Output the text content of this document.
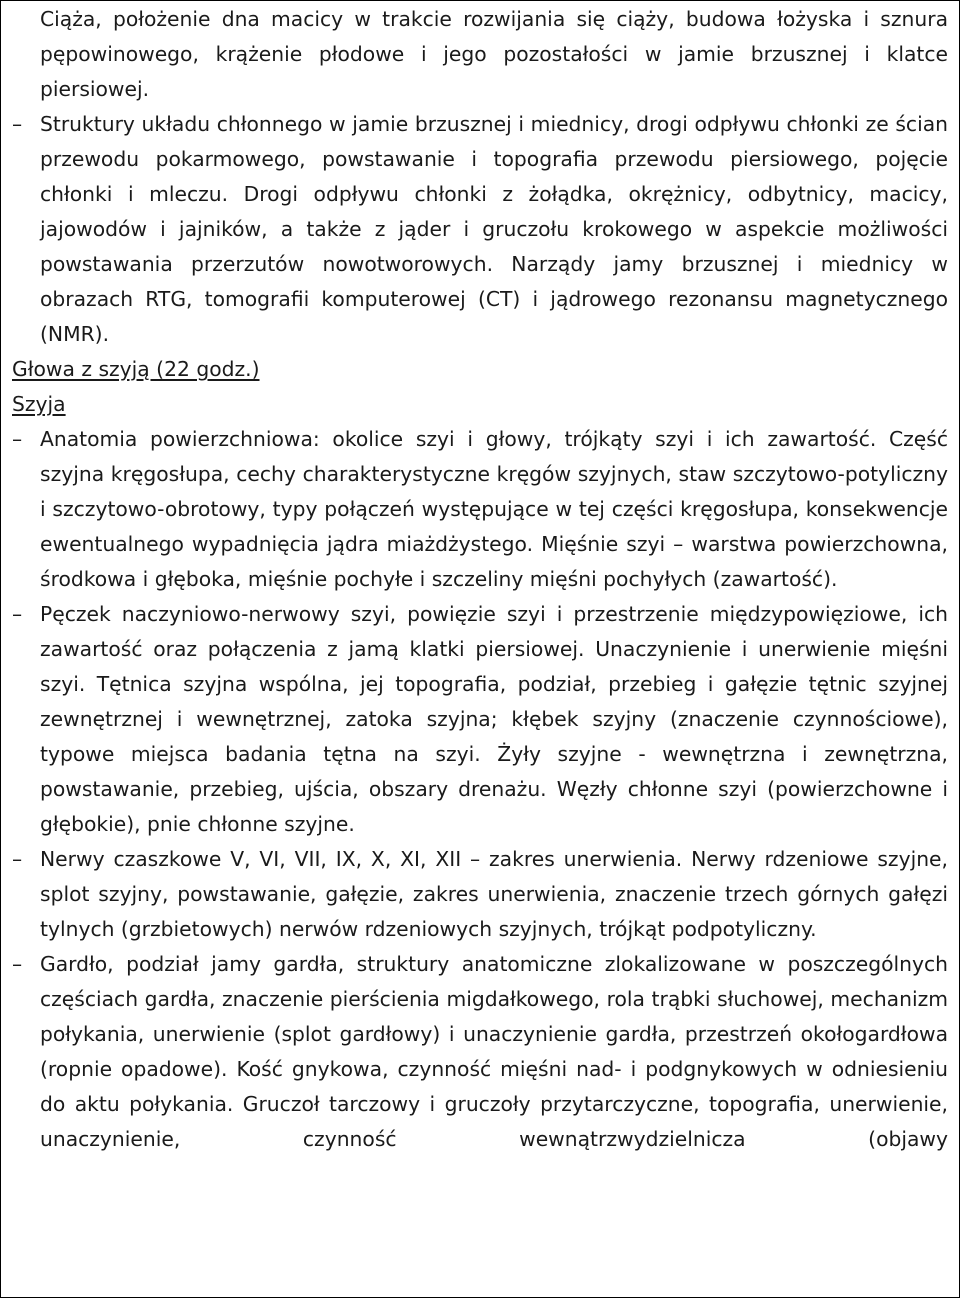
Ciąża, położenie dna macicy w trakcie rozwijania się ciąży, budowa łożyska i sznura pępowinowego, krążenie płodowe i jego pozostałości w jamie brzusznej i klatce piersiowej.

– Struktury układu chłonnego w jamie brzusznej i miednicy, drogi odpływu chłonki ze ścian przewodu pokarmowego, powstawanie i topografia przewodu piersiowego, pojęcie chłonki i mleczu. Drogi odpływu chłonki z żołądka, okrężnicy, odbytnicy, macicy, jajowodów i jajników, a także z jąder i gruczołu krokowego w aspekcie możliwości powstawania przerzutów nowotworowych. Narządy jamy brzusznej i miednicy w obrazach RTG, tomografii komputerowej (CT) i jądrowego rezonansu magnetycznego (NMR).

Głowa z szyją (22 godz.)

Szyja

– Anatomia powierzchniowa: okolice szyi i głowy, trójkąty szyi i ich zawartość. Część szyjna kręgosłupa, cechy charakterystyczne kręgów szyjnych, staw szczytowo-potyliczny i szczytowo-obrotowy, typy połączeń występujące w tej części kręgosłupa, konsekwencje ewentualnego wypadnięcia jądra miażdżystego. Mięśnie szyi – warstwa powierzchowna, środkowa i głęboka, mięśnie pochyłe i szczeliny mięśni pochyłych (zawartość).
– Pęczek naczyniowo-nerwowy szyi, powięzie szyi i przestrzenie międzypowięziowe, ich zawartość oraz połączenia z jamą klatki piersiowej. Unaczynienie i unerwienie mięśni szyi. Tętnica szyjna wspólna, jej topografia, podział, przebieg i gałęzie tętnic szyjnej zewnętrznej i wewnętrznej, zatoka szyjna; kłębek szyjny (znaczenie czynnościowe), typowe miejsca badania tętna na szyi. Żyły szyjne - wewnętrzna i zewnętrzna, powstawanie, przebieg, ujścia, obszary drenażu. Węzły chłonne szyi (powierzchowne i głębokie), pnie chłonne szyjne.
– Nerwy czaszkowe V, VI, VII, IX, X, XI, XII – zakres unerwienia. Nerwy rdzeniowe szyjne, splot szyjny, powstawanie, gałęzie, zakres unerwienia, znaczenie trzech górnych gałęzi tylnych (grzbietowych) nerwów rdzeniowych szyjnych, trójkąt podpotyliczny.
– Gardło, podział jamy gardła, struktury anatomiczne zlokalizowane w poszczególnych częściach gardła, znaczenie pierścienia migdałkowego, rola trąbki słuchowej, mechanizm połykania, unerwienie (splot gardłowy) i unaczynienie gardła, przestrzeń okołogardłowa (ropnie opadowe). Kość gnykowa, czynność mięśni nad- i podgnykowych w odniesieniu do aktu połykania. Gruczoł tarczowy i gruczoły przytarczyczne, topografia, unerwienie, unaczynienie, czynność wewnątrzwydzielnicza (objawy
